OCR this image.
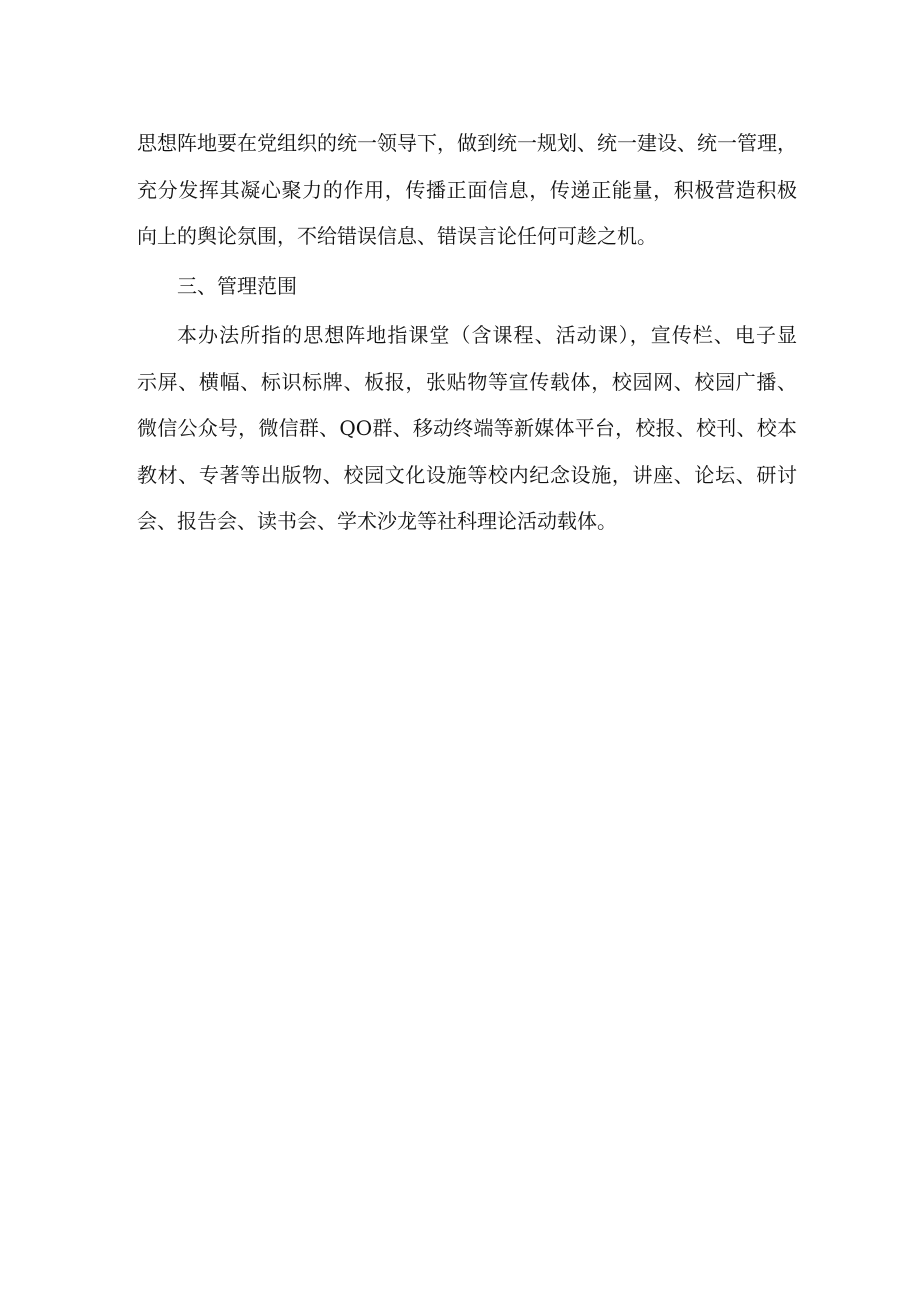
思想阵地要在党组织的统一领导下，做到统一规划、统一建设、统一管理，
充分发挥其凝心聚力的作用，传播正面信息，传递正能量，积极营造积极
向上的舆论氛围，不给错误信息、错误言论任何可趁之机。
三、管理范围
本办法所指的思想阵地指课堂（含课程、活动课），宣传栏、电子显
示屏、横幅、标识标牌、板报，张贴物等宣传载体，校园网、校园广播、
微信公众号，微信群、QO群、移动终端等新媒体平台，校报、校刊、校本
教材、专著等出版物、校园文化设施等校内纪念设施，讲座、论坛、研讨
会、报告会、读书会、学术沙龙等社科理论活动载体。
